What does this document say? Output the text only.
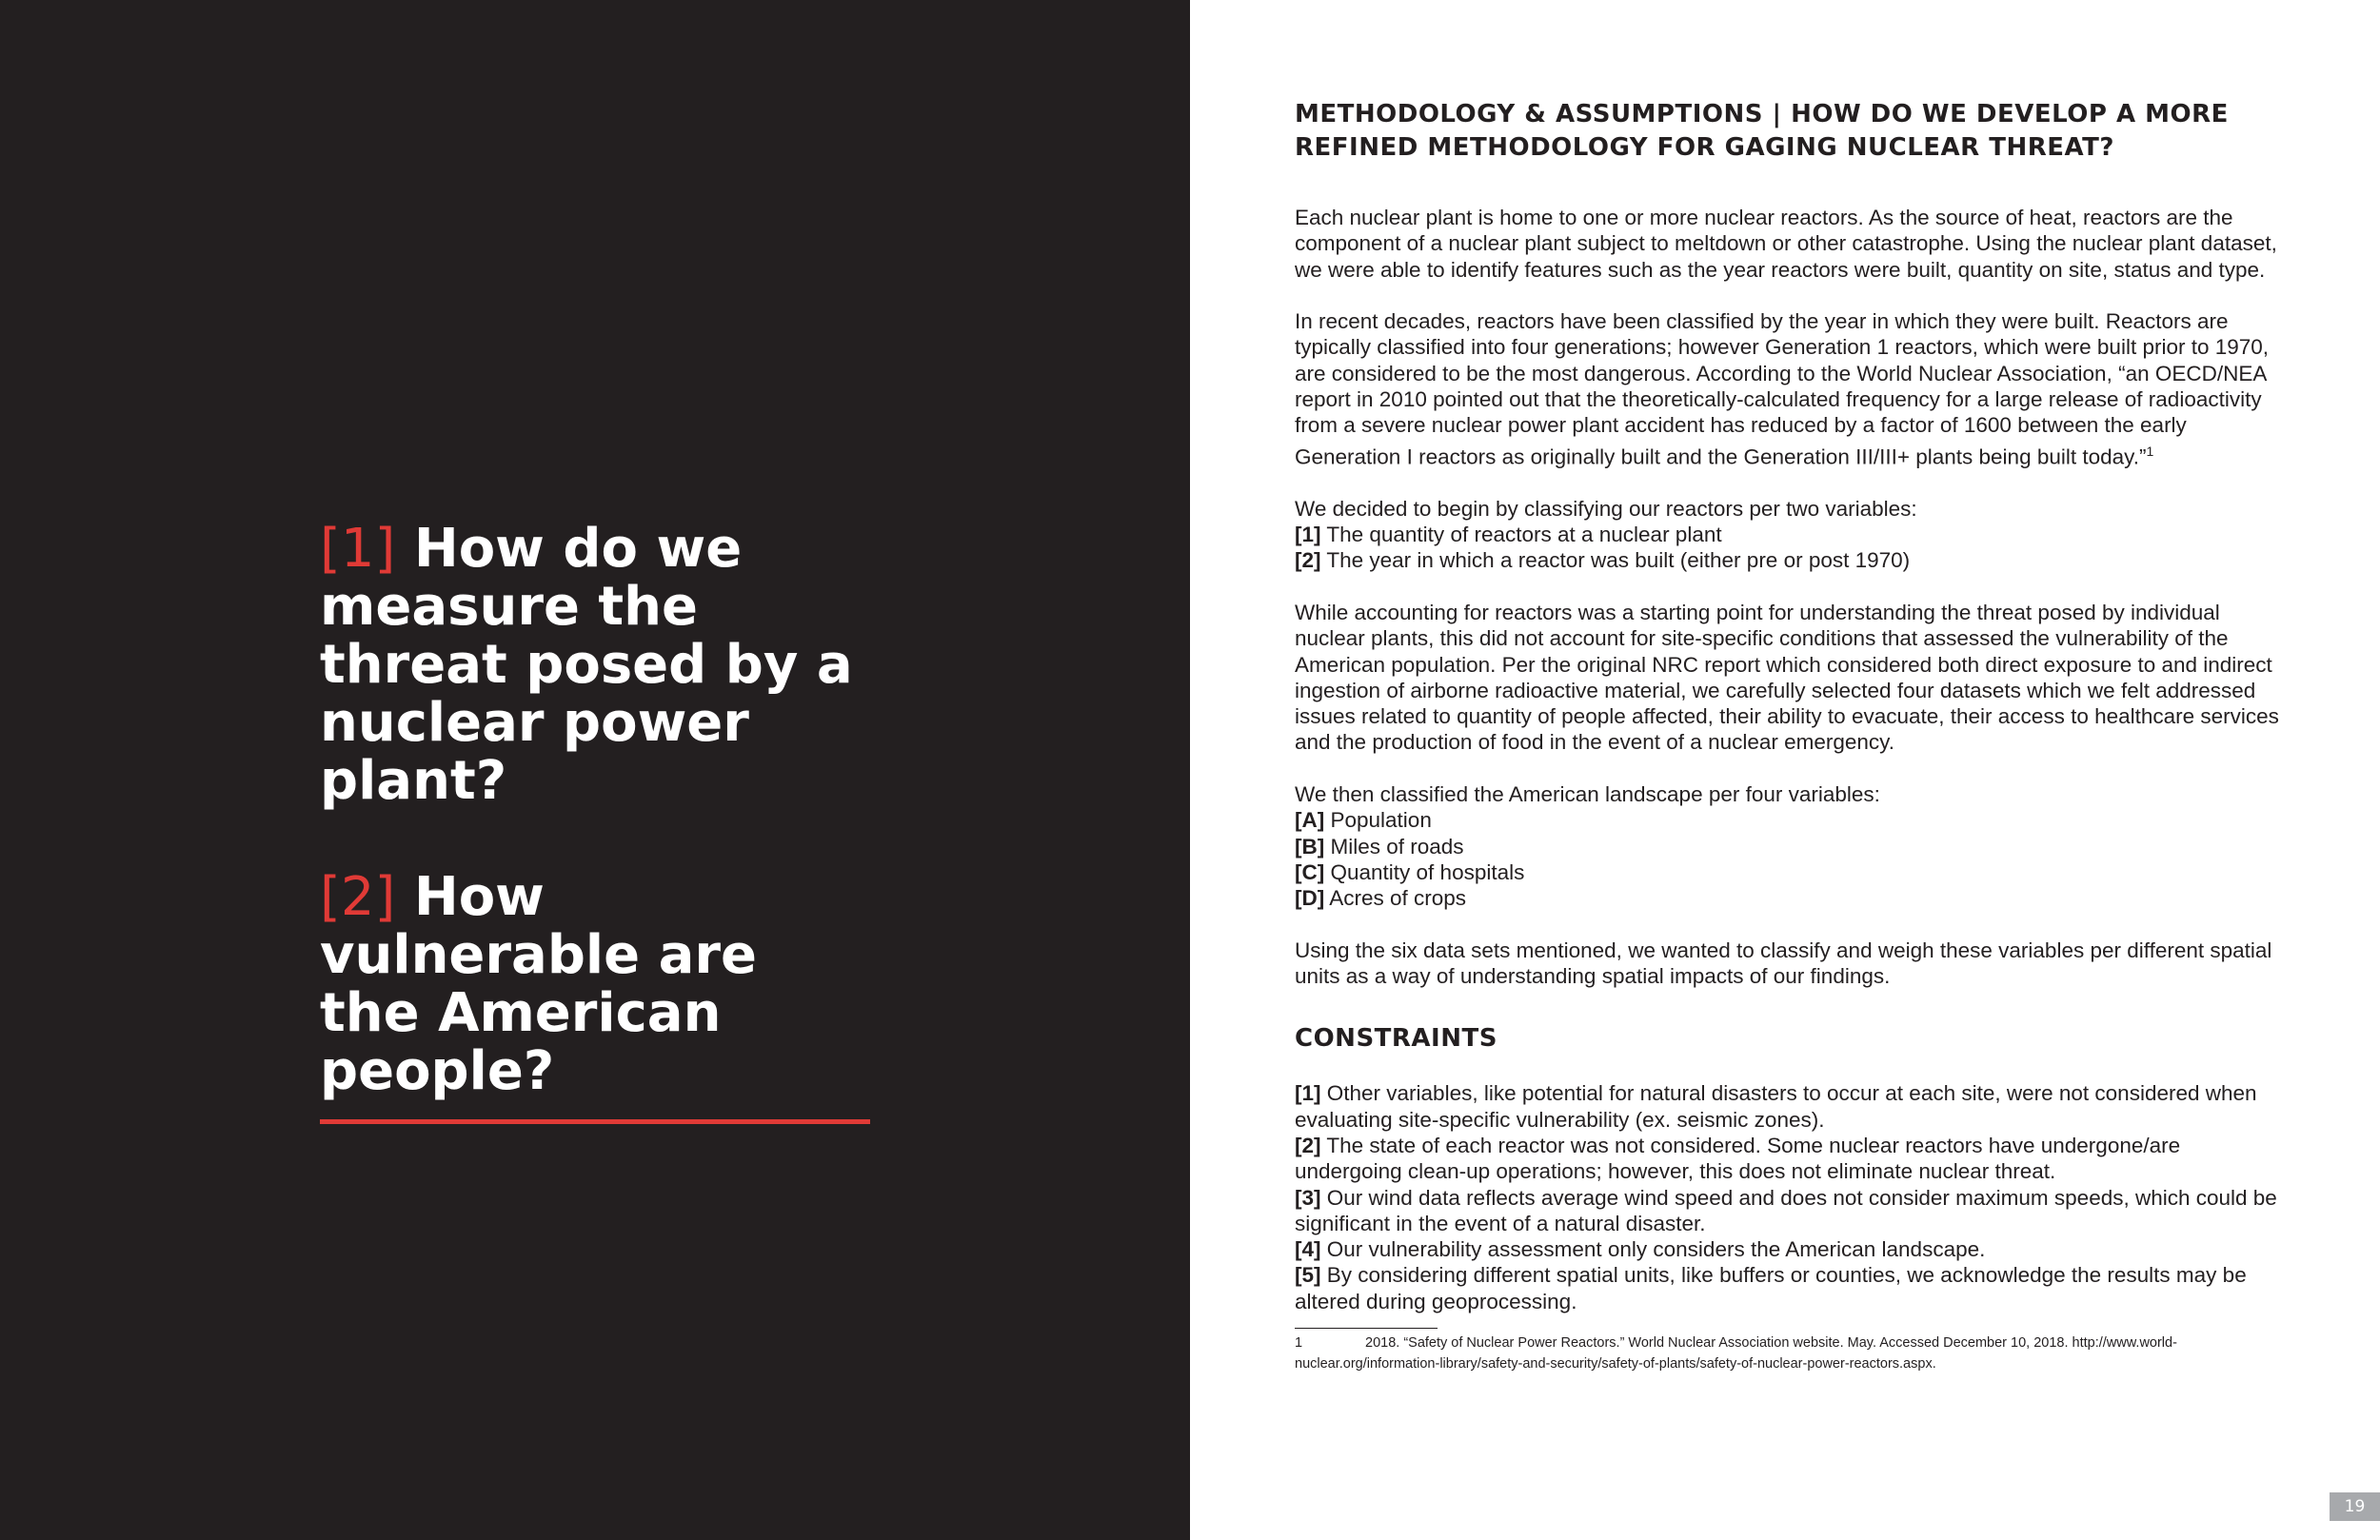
[1] How do we measure the threat posed by a nuclear power plant?

[2] How vulnerable are the American people?

METHODOLOGY & ASSUMPTIONS | HOW DO WE DEVELOP A MORE
REFINED METHODOLOGY FOR GAGING NUCLEAR THREAT?

Each nuclear plant is home to one or more nuclear reactors. As the source of heat, reactors are the component of a nuclear plant subject to meltdown or other catastrophe. Using the nuclear plant dataset, we were able to identify features such as the year reactors were built, quantity on site, status and type.

In recent decades, reactors have been classified by the year in which they were built. Reactors are typically classified into four generations; however Generation 1 reactors, which were built prior to 1970, are considered to be the most dangerous. According to the World Nuclear Association, “an OECD/NEA report in 2010 pointed out that the theoretically-calculated frequency for a large release of radioactivity from a severe nuclear power plant accident has reduced by a factor of 1600 between the early Generation I reactors as originally built and the Generation III/III+ plants being built today.”$^1$

We decided to begin by classifying our reactors per two variables:
[1] The quantity of reactors at a nuclear plant
[2] The year in which a reactor was built (either pre or post 1970)

While accounting for reactors was a starting point for understanding the threat posed by individual nuclear plants, this did not account for site-specific conditions that assessed the vulnerability of the American population. Per the original NRC report which considered both direct exposure to and indirect ingestion of airborne radioactive material, we carefully selected four datasets which we felt addressed issues related to quantity of people affected, their ability to evacuate, their access to healthcare services and the production of food in the event of a nuclear emergency.

We then classified the American landscape per four variables:
[A] Population
[B] Miles of roads
[C] Quantity of hospitals
[D] Acres of crops

Using the six data sets mentioned, we wanted to classify and weigh these variables per different spatial units as a way of understanding spatial impacts of our findings.

CONSTRAINTS
[1] Other variables, like potential for natural disasters to occur at each site, were not considered when evaluating site-specific vulnerability (ex. seismic zones).
[2] The state of each reactor was not considered. Some nuclear reactors have undergone/are undergoing clean-up operations; however, this does not eliminate nuclear threat.
[3] Our wind data reflects average wind speed and does not consider maximum speeds, which could be significant in the event of a natural disaster.
[4] Our vulnerability assessment only considers the American landscape.
[5] By considering different spatial units, like buffers or counties, we acknowledge the results may be altered during geoprocessing.
1	2018. “Safety of Nuclear Power Reactors.” World Nuclear Association website. May. Accessed December 10, 2018. http://www.world-nuclear.org/information-library/safety-and-security/safety-of-plants/safety-of-nuclear-power-reactors.aspx.
19
